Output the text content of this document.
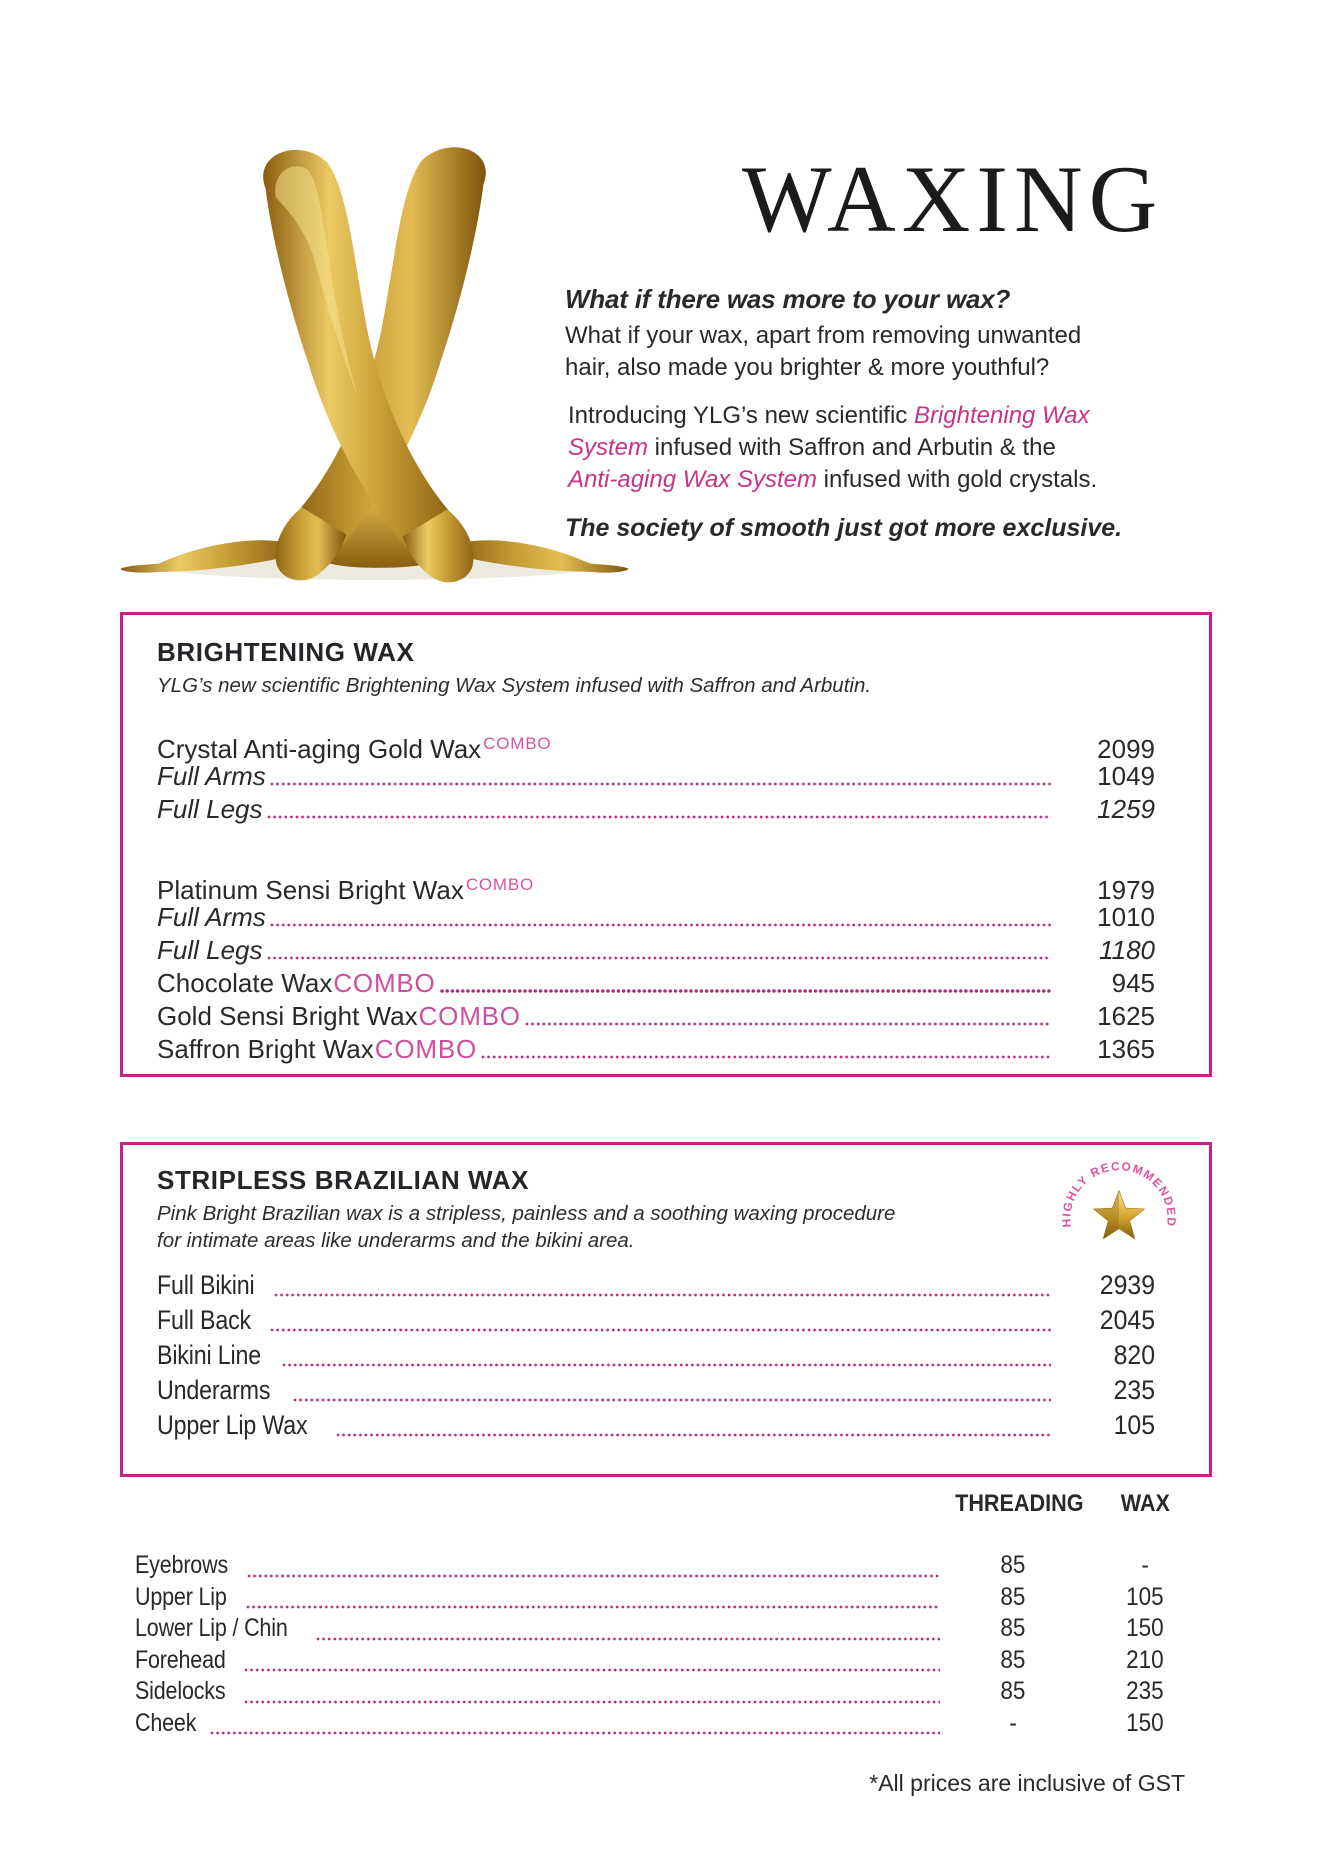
WAXING
What if there was more to your wax?
What if your wax, apart from removing unwanted
hair, also made you brighter & more youthful?
Introducing YLG’s new scientific Brightening Wax
System infused with Saffron and Arbutin & the
Anti-aging Wax System infused with gold crystals.
The society of smooth just got more exclusive.
BRIGHTENING WAX

YLG’s new scientific Brightening Wax System infused with Saffron and Arbutin.

Crystal Anti-aging Gold Wax $^{COMBO}$	2099
Full Arms	1049
Full Legs	1259
Platinum Sensi Bright Wax $^{COMBO}$	1979
Full Arms	1010
Full Legs	1180
Chocolate WaxCOMBO	945
Gold Sensi Bright WaxCOMBO	1625
Saffron Bright WaxCOMBO	1365
HIGHLY RECOMMENDED
STRIPLESS BRAZILIAN WAX

Pink Bright Brazilian wax is a stripless, painless and a soothing waxing procedure
for intimate areas like underarms and the bikini area.

Full Bikini	2939
Full Back	2045
Bikini Line	820
Underarms	235
Upper Lip Wax	105
THREADING	WAX
Eyebrows	85	-
Upper Lip	85	105
Lower Lip / Chin	85	150
Forehead	85	210
Sidelocks	85	235
Cheek	-	150
*All prices are inclusive of GST
